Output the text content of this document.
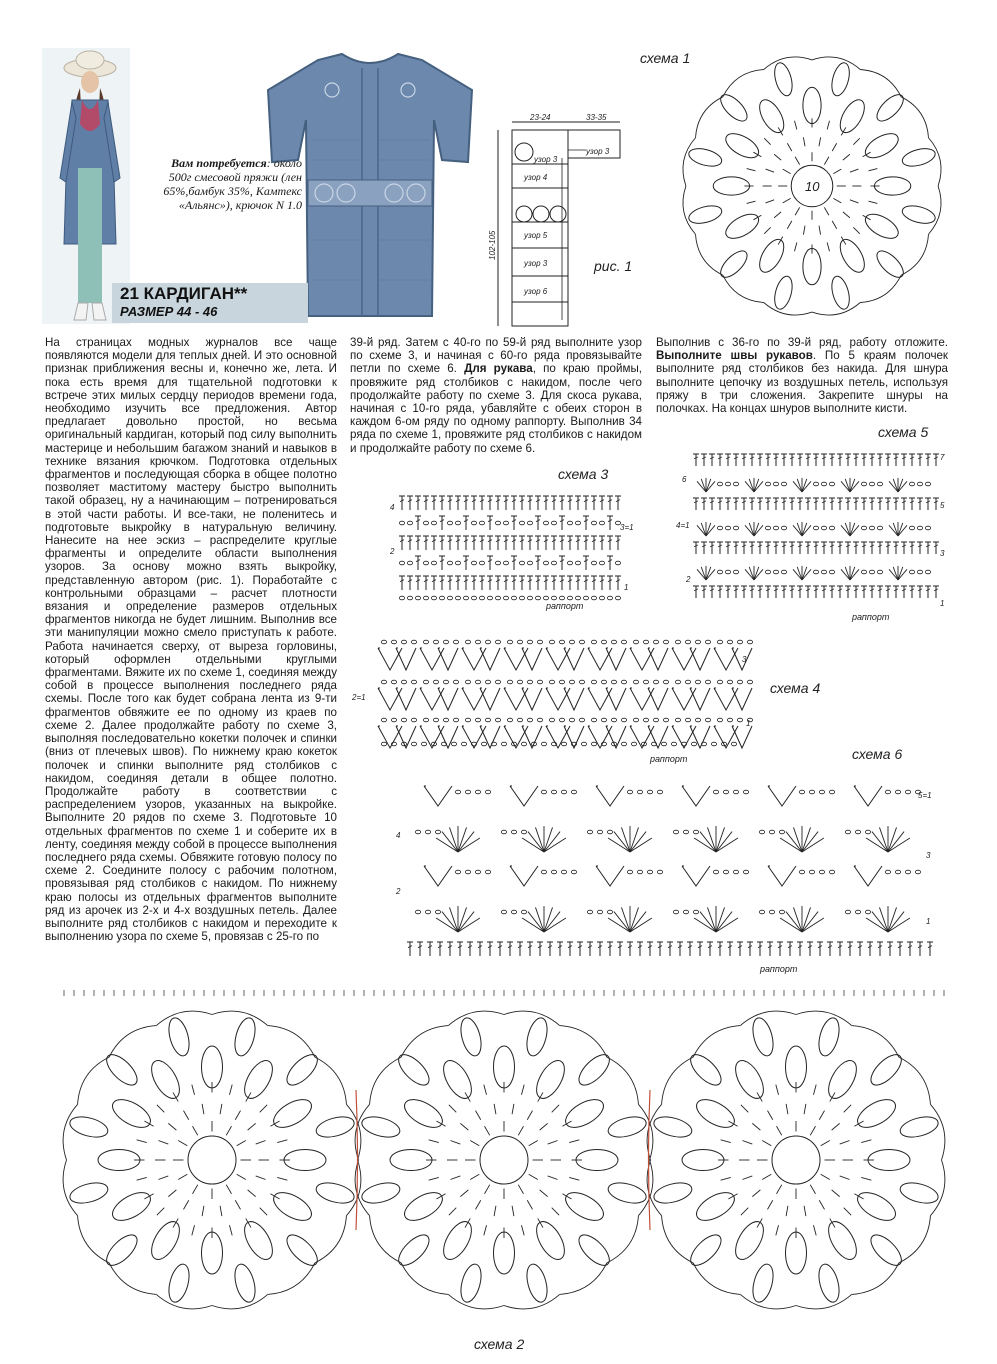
Вам потребуется: около 500г смесовой пряжи (лен 65%,бамбук 35%, Камтекс «Альянс»), крючок N 1.0
21 КАРДИГАН**
РАЗМЕР 44 - 46
23-24	33-35
102-105
узор 3
узор 3
узор 4
узор 5
узор 3
узор 6
рис. 1
схема 1
схема 3
схема 4
схема 5
схема 6
схема 2
раппорт
раппорт
раппорт
раппорт
На страницах модных журналов все чаще появляются модели для теплых дней. И это основной признак приближения весны и, конечно же, лета. И пока есть время для тщательной подготовки к встрече этих милых сердцу периодов времени года, необходимо изучить все предложения. Автор предлагает довольно простой, но весьма оригинальный кардиган, который под силу выполнить мастерице и небольшим багажом знаний и навыков в технике вязания крючком. Подготовка отдельных фрагментов и последующая сборка в общее полотно позволяет маститому мастеру быстро выполнить такой образец, ну а начинающим – потренироваться в этой части работы. И все-таки, не поленитесь и подготовьте выкройку в натуральную величину. Нанесите на нее эскиз – распределите круглые фрагменты и определите области выполнения узоров. За основу можно взять выкройку, представленную автором (рис. 1). Поработайте с контрольными образцами – расчет плотности вязания и определение размеров отдельных фрагментов никогда не будет лишним. Выполнив все эти манипуляции можно смело приступать к работе. Работа начинается сверху, от выреза горловины, который оформлен отдельными круглыми фрагментами. Вяжите их по схеме 1, соединяя между собой в процессе выполнения последнего ряда схемы. После того как будет собрана лента из 9-ти фрагментов обвяжите ее по одному из краев по схеме 2. Далее продолжайте работу по схеме 3, выполняя последовательно кокетки полочек и спинки (вниз от плечевых швов). По нижнему краю кокеток полочек и спинки выполните ряд столбиков с накидом, соединяя детали в общее полотно. Продолжайте работу в соответствии с распределением узоров, указанных на выкройке. Выполните 20 рядов по схеме 3. Подготовьте 10 отдельных фрагментов по схеме 1 и соберите их в ленту, соединяя между собой в процессе выполнения последнего ряда схемы. Обвяжите готовую полосу по схеме 2. Соедините полосу с рабочим полотном, провязывая ряд столбиков с накидом. По нижнему краю полосы из отдельных фрагментов выполните ряд из арочек из 2-х и 4-х воздушных петель. Далее выполните ряд столбиков с накидом и переходите к выполнению узора по схеме 5, провязав с 25-го по
39-й ряд. Затем с 40-го по 59-й ряд выполните узор по схеме 3, и начиная с 60-го ряда провязывайте петли по схеме 6. Для рукава, по краю проймы, провяжите ряд столбиков с накидом, после чего продолжайте работу по схеме 3. Для скоса рукава, начиная с 10-го ряда, убавляйте с обеих сторон в каждом 6-ом ряду по одному раппорту. Выполнив 34 ряда по схеме 1, провяжите ряд столбиков с накидом и продолжайте работу по схеме 6.
Выполнив с 36-го по 39-й ряд, работу отложите. Выполните швы рукавов. По 5 краям полочек выполните ряд столбиков без накида. Для шнура выполните цепочку из воздушных петель, используя пряжу в три сложения. Закрепите шнуры на полочках. На концах шнуров выполните кисти.
10
4
2
3=1
1
7
6
5
4=1
3
2
1
3
2=1
1
5=1
4
3
2
1
